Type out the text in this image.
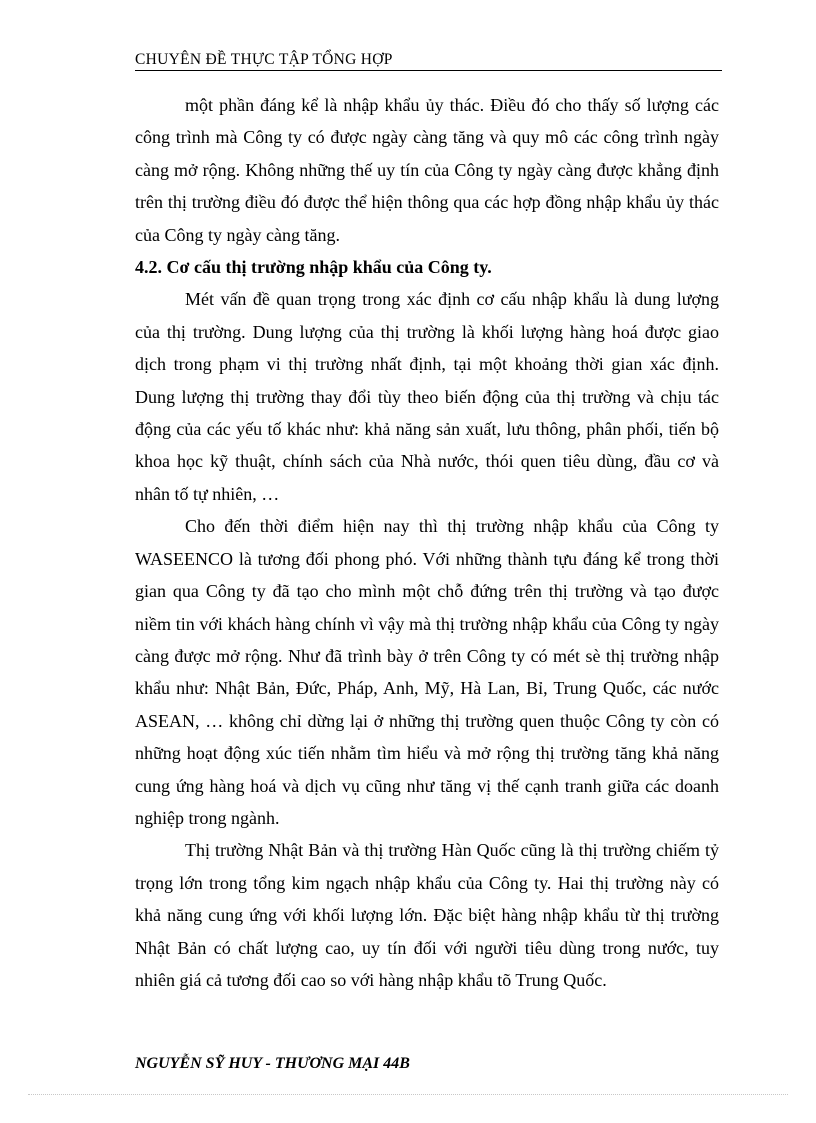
CHUYÊN ĐỀ THỰC TẬP TỔNG HỢP

một phần đáng kể là nhập khẩu ủy thác. Điều đó cho thấy số lượng các công trình mà Công ty có được ngày càng tăng và quy mô các công trình ngày càng mở rộng. Không những thế uy tín của Công ty ngày càng được khẳng định trên thị trường điều đó được thể hiện thông qua các hợp đồng nhập khẩu ủy thác của Công ty ngày càng tăng.

4.2. Cơ cấu thị trường nhập khẩu của Công ty.

Mét vấn đề quan trọng trong xác định cơ cấu nhập khẩu là dung lượng của thị trường. Dung lượng của thị trường là khối lượng hàng hoá được giao dịch trong phạm vi thị trường nhất định, tại một khoảng thời gian xác định. Dung lượng thị trường thay đổi tùy theo biến động của thị trường và chịu tác động của các yếu tố khác như: khả năng sản xuất, lưu thông, phân phối, tiến bộ khoa học kỹ thuật, chính sách của Nhà nước, thói quen tiêu dùng, đầu cơ và nhân tố tự nhiên, …

Cho đến thời điểm hiện nay thì thị trường nhập khẩu của Công ty WASEENCO là tương đối phong phó. Với những thành tựu đáng kể trong thời gian qua Công ty đã tạo cho mình một chỗ đứng trên thị trường và tạo được niềm tin với khách hàng chính vì vậy mà thị trường nhập khẩu của Công ty ngày càng được mở rộng. Như đã trình bày ở trên Công ty có mét sè thị trường nhập khẩu như: Nhật Bản, Đức, Pháp, Anh, Mỹ, Hà Lan, Bỉ, Trung Quốc, các nước ASEAN, … không chỉ dừng lại ở những thị trường quen thuộc Công ty còn có những hoạt động xúc tiến nhằm tìm hiểu và mở rộng thị trường tăng khả năng cung ứng hàng hoá và dịch vụ cũng như tăng vị thế cạnh tranh giữa các doanh nghiệp trong ngành.

Thị trường Nhật Bản và thị trường Hàn Quốc cũng là thị trường chiếm tỷ trọng lớn trong tổng kim ngạch nhập khẩu của Công ty. Hai thị trường này có khả năng cung ứng với khối lượng lớn. Đặc biệt hàng nhập khẩu từ thị trường Nhật Bản có chất lượng cao, uy tín đối với người tiêu dùng trong nước, tuy nhiên giá cả tương đối cao so với hàng nhập khẩu tõ Trung Quốc.

NGUYỄN SỸ HUY - THƯƠNG MẠI 44B
